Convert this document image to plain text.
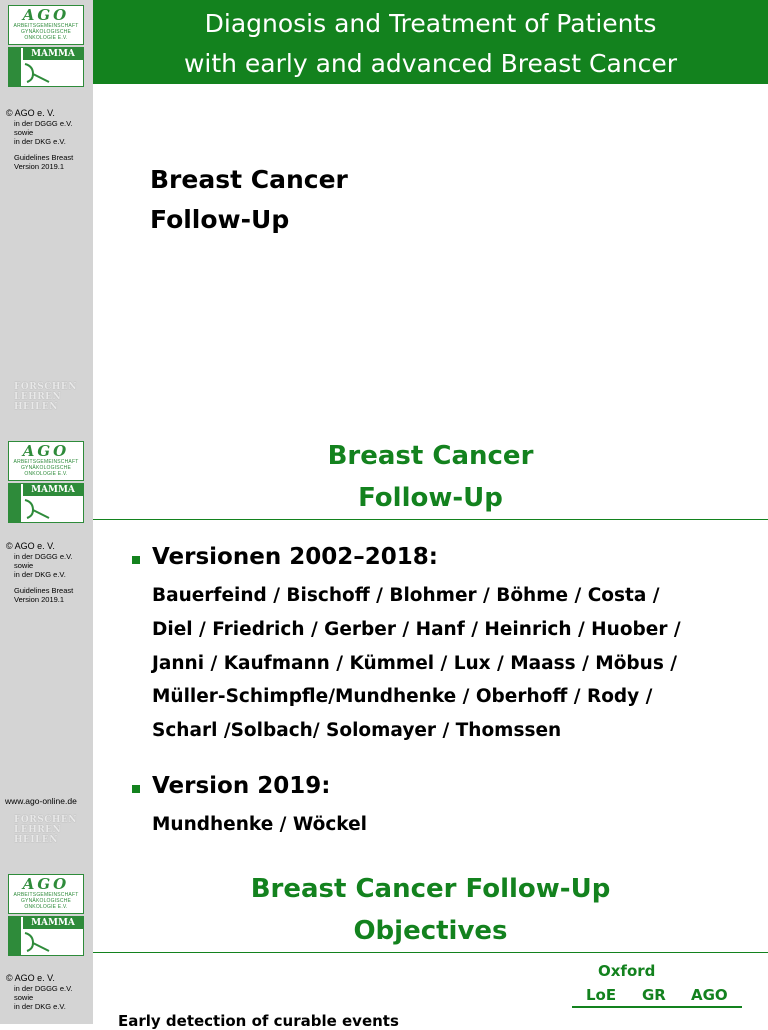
AGO
ARBEITSGEMEINSCHAFT
GYNÄKOLOGISCHE
ONKOLOGIE E.V.
MAMMA
© AGO e. V.
in der DGGG e.V.
sowie
in der DKG e.V.
Guidelines Breast
Version 2019.1
FORSCHEN
LEHREN
HEILEN
AGO
ARBEITSGEMEINSCHAFT
GYNÄKOLOGISCHE
ONKOLOGIE E.V.
MAMMA
© AGO e. V.
in der DGGG e.V.
sowie
in der DKG e.V.
Guidelines Breast
Version 2019.1
www.ago-online.de
FORSCHEN
LEHREN
HEILEN
AGO
ARBEITSGEMEINSCHAFT
GYNÄKOLOGISCHE
ONKOLOGIE E.V.
MAMMA
© AGO e. V.
in der DGGG e.V.
sowie
in der DKG e.V.
Diagnosis and Treatment of Patients
with early and advanced Breast Cancer
Breast Cancer
Follow-Up
Breast Cancer
Follow-Up
Versionen 2002–2018:
Bauerfeind / Bischoff / Blohmer / Böhme / Costa /
Diel / Friedrich / Gerber / Hanf / Heinrich / Huober /
Janni / Kaufmann / Kümmel / Lux / Maass / Möbus /
Müller-Schimpfle/Mundhenke / Oberhoff / Rody /
Scharl /Solbach/ Solomayer / Thomssen
Version 2019:
Mundhenke / Wöckel
Breast Cancer Follow-Up
Objectives
Oxford
LoE GR AGO
Early detection of curable events
